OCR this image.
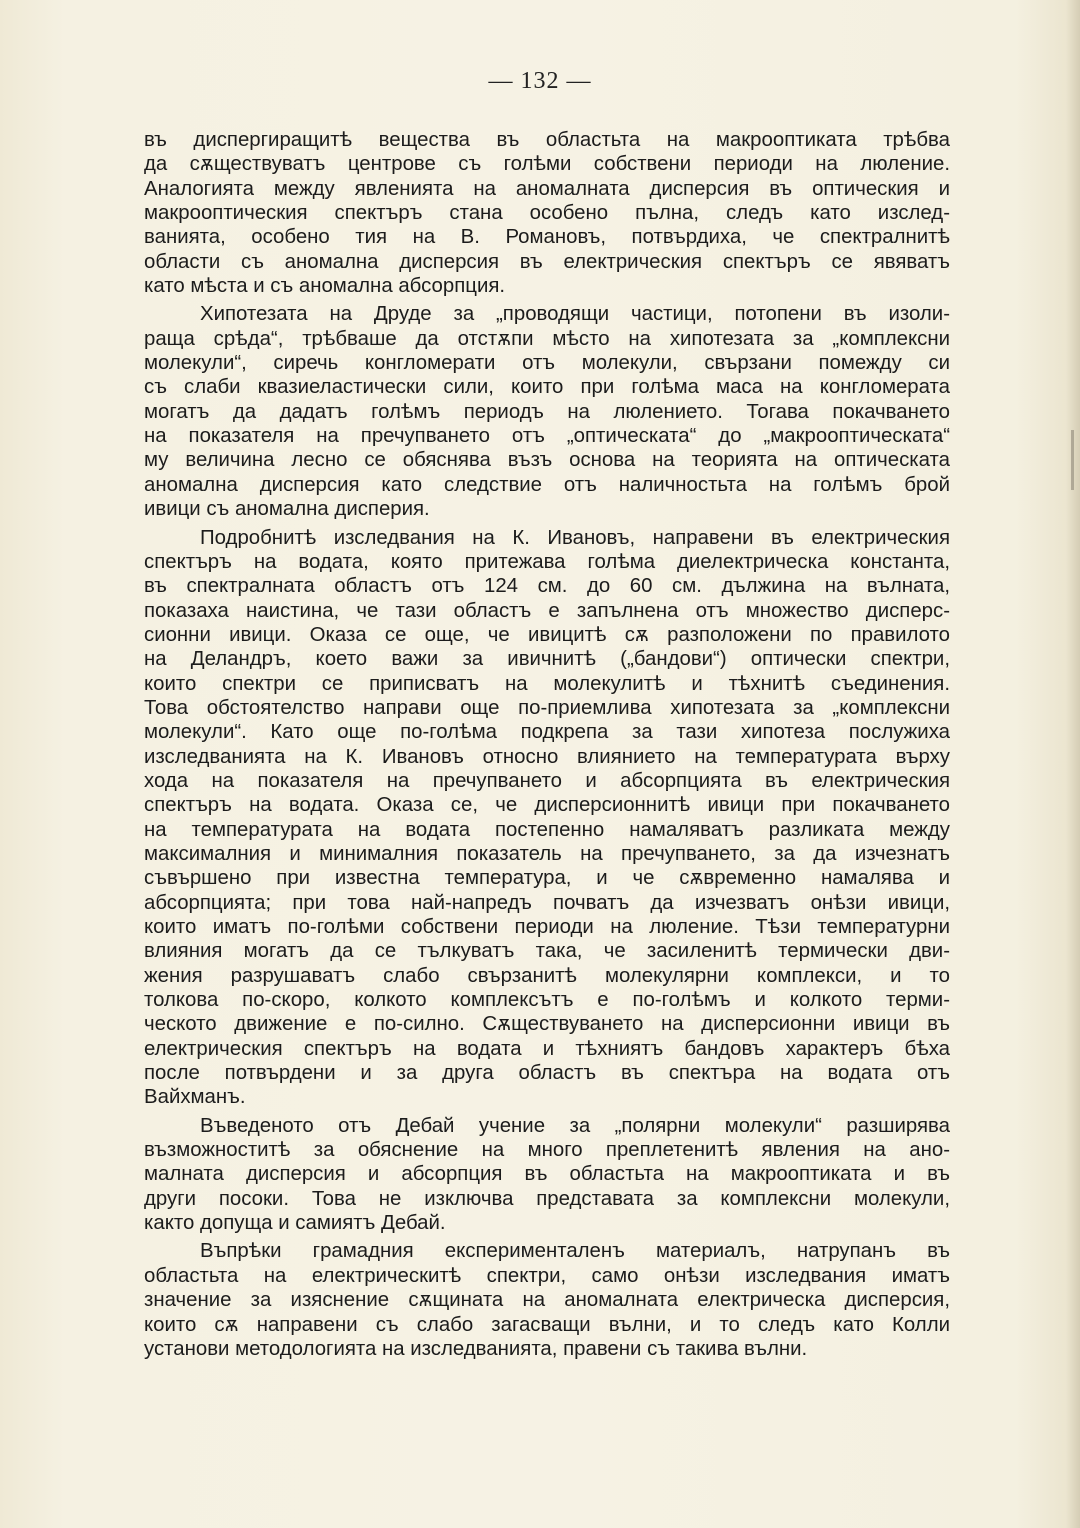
— 132 —
въ диспергиращитѣ вещества въ областьта на макрооптиката трѣбва
да сѫществуватъ центрове съ голѣми собствени периоди на люление.
Аналогията между явленията на аномалната дисперсия въ оптическия и
макрооптическия спектъръ стана особено пълна, следъ като изслед-
ванията, особено тия на В. Романовъ, потвърдиха, че спектралнитѣ
области съ аномална дисперсия въ електрическия спектъръ се явяватъ
като мѣста и съ аномална абсорпция.
Хипотезата на Друде за „проводящи частици, потопени въ изоли-
раща срѣда“, трѣбваше да отстѫпи мѣсто на хипотезата за „комплексни
молекули“, сиречь конгломерати отъ молекули, свързани помежду си
съ слаби квазиеластически сили, които при голѣма маса на конгломерата
могатъ да дадатъ голѣмъ периодъ на люлението. Тогава покачването
на показателя на пречупването отъ „оптическата“ до „макрооптическата“
му величина лесно се обяснява възъ основа на теорията на оптическата
аномална дисперсия като следствие отъ наличностьта на голѣмъ брой
ивици съ аномална дисперия.
Подробнитѣ изследвания на К. Ивановъ, направени въ електрическия
спектъръ на водата, която притежава голѣма диелектрическа константа,
въ спектралната областъ отъ 124 см. до 60 см. дължина на вълната,
показаха наистина, че тази областъ е запълнена отъ множество дисперс-
сионни ивици. Оказа се още, че ивицитѣ сѫ разположени по правилото
на Деландръ, което важи за ивичнитѣ („бандови“) оптически спектри,
които спектри се приписватъ на молекулитѣ и тѣхнитѣ съединения.
Това обстоятелство направи още по-приемлива хипотезата за „комплексни
молекули“. Като още по-голѣма подкрепа за тази хипотеза послужиха
изследванията на К. Ивановъ относно влиянието на температурата върху
хода на показателя на пречупването и абсорпцията въ електрическия
спектъръ на водата. Оказа се, че дисперсионнитѣ ивици при покачването
на температурата на водата постепенно намаляватъ разликата между
максималния и минималния показатель на пречупването, за да изчезнатъ
съвършено при известна температура, и че сѫвременно намалява и
абсорпцията; при това най-напредъ почватъ да изчезватъ онѣзи ивици,
които иматъ по-голѣми собствени периоди на люление. Тѣзи температурни
влияния могатъ да се тълкуватъ така, че засиленитѣ термически дви-
жения разрушаватъ слабо свързанитѣ молекулярни комплекси, и то
толкова по-скоро, колкото комплексътъ е по-голѣмъ и колкото терми-
ческото движение е по-силно. Сѫществуването на дисперсионни ивици въ
електрическия спектъръ на водата и тѣхниятъ бандовъ характеръ бѣха
после потвърдени и за друга областъ въ спектъра на водата отъ
Вайхманъ.
Въведеното отъ Дебай учение за „полярни молекули“ разширява
възможноститѣ за обяснение на много преплетенитѣ явления на ано-
малната дисперсия и абсорпция въ областьта на макрооптиката и въ
други посоки. Това не изключва представата за комплексни молекули,
както допуща и самиятъ Дебай.
Въпрѣки грамадния експерименталенъ материалъ, натрупанъ въ
областьта на електрическитѣ спектри, само онѣзи изследвания иматъ
значение за изяснение сѫщината на аномалната електрическа дисперсия,
които сѫ направени съ слабо загасващи вълни, и то следъ като Колли
установи методологията на изследванията, правени съ такива вълни.
